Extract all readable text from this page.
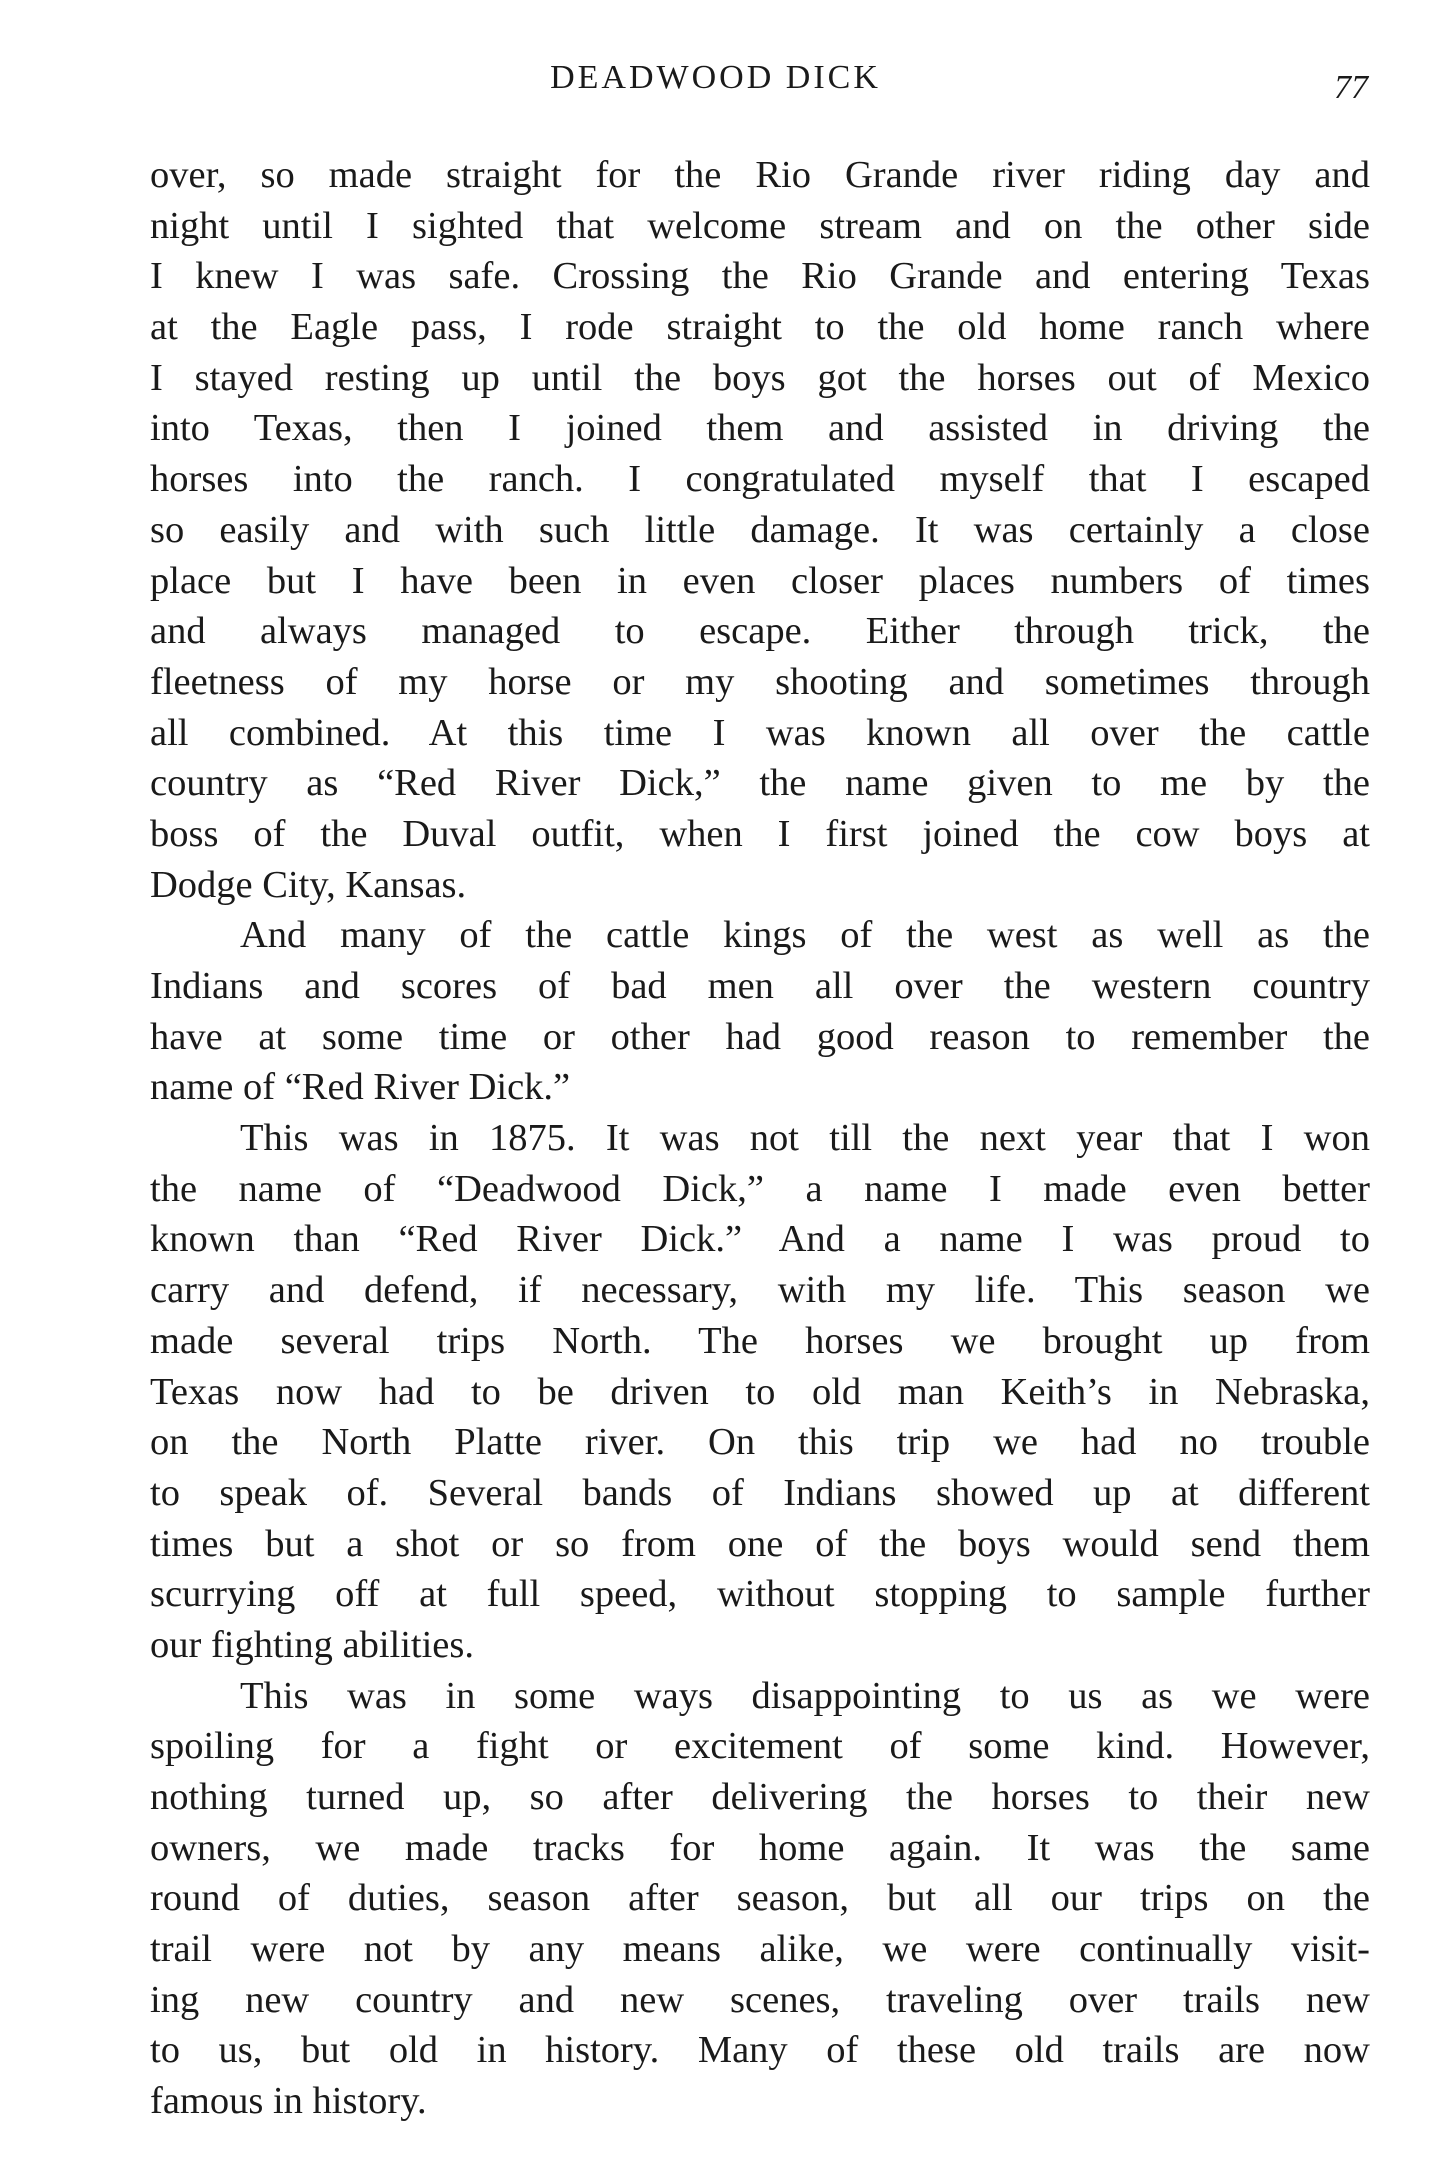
DEADWOOD DICK	77
over, so made straight for the Rio Grande river riding day and
night until I sighted that welcome stream and on the other side
I knew I was safe. Crossing the Rio Grande and entering Texas
at the Eagle pass, I rode straight to the old home ranch where
I stayed resting up until the boys got the horses out of Mexico
into Texas, then I joined them and assisted in driving the
horses into the ranch. I congratulated myself that I escaped
so easily and with such little damage. It was certainly a close
place but I have been in even closer places numbers of times
and always managed to escape. Either through trick, the
fleetness of my horse or my shooting and sometimes through
all combined. At this time I was known all over the cattle
country as “Red River Dick,” the name given to me by the
boss of the Duval outfit, when I first joined the cow boys at
Dodge City, Kansas.
And many of the cattle kings of the west as well as the
Indians and scores of bad men all over the western country
have at some time or other had good reason to remember the
name of “Red River Dick.”
This was in 1875. It was not till the next year that I won
the name of “Deadwood Dick,” a name I made even better
known than “Red River Dick.” And a name I was proud to
carry and defend, if necessary, with my life. This season we
made several trips North. The horses we brought up from
Texas now had to be driven to old man Keith’s in Nebraska,
on the North Platte river. On this trip we had no trouble
to speak of. Several bands of Indians showed up at different
times but a shot or so from one of the boys would send them
scurrying off at full speed, without stopping to sample further
our fighting abilities.
This was in some ways disappointing to us as we were
spoiling for a fight or excitement of some kind. However,
nothing turned up, so after delivering the horses to their new
owners, we made tracks for home again. It was the same
round of duties, season after season, but all our trips on the
trail were not by any means alike, we were continually visit-
ing new country and new scenes, traveling over trails new
to us, but old in history. Many of these old trails are now
famous in history.
